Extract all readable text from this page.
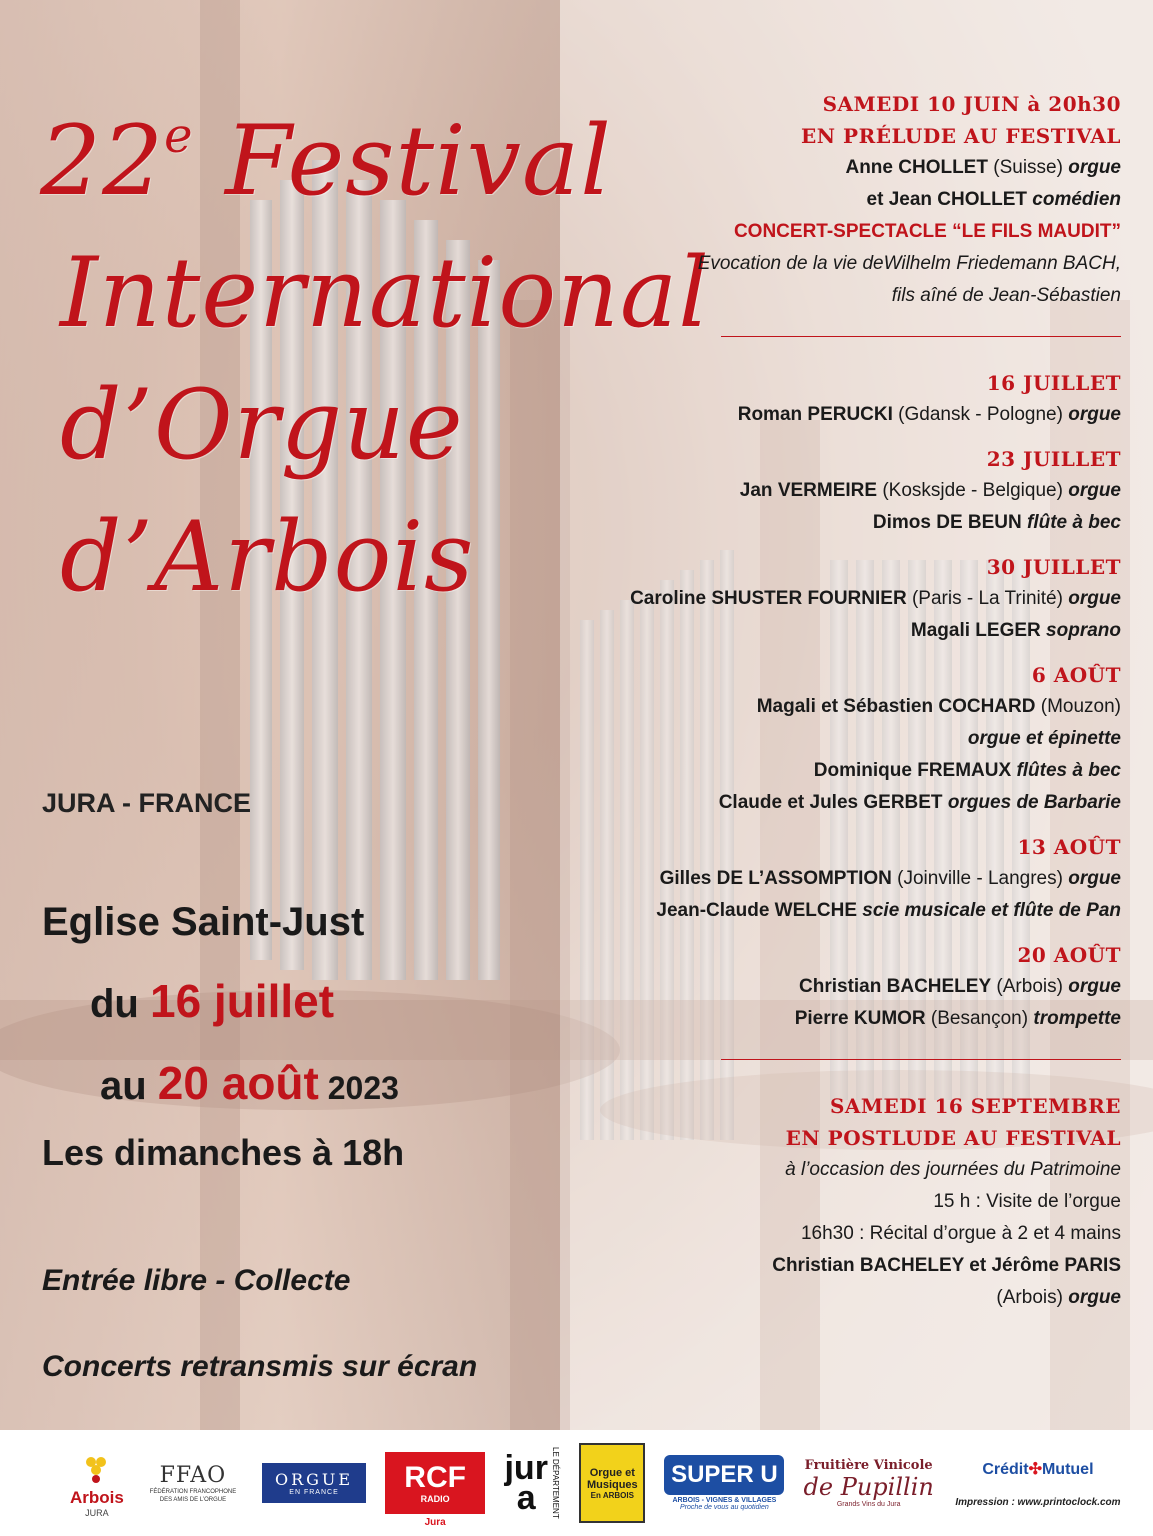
22e Festival
International
d’Orgue
d’Arbois
JURA - FRANCE
Eglise Saint-Just
du 16 juillet
au 20 août 2023
Les dimanches à 18h
Entrée libre - Collecte
Concerts retransmis sur écran
SAMEDI 10 JUIN à 20h30
EN PRÉLUDE AU FESTIVAL
Anne CHOLLET (Suisse) orgue
et Jean CHOLLET comédien
CONCERT-SPECTACLE “LE FILS MAUDIT”
Evocation de la vie deWilhelm Friedemann BACH,
fils aîné de Jean-Sébastien
16 JUILLET
Roman PERUCKI (Gdansk - Pologne) orgue
23 JUILLET
Jan VERMEIRE (Kosksjde - Belgique) orgue
Dimos DE BEUN flûte à bec
30 JUILLET
Caroline SHUSTER FOURNIER (Paris - La Trinité) orgue
Magali LEGER soprano
6 AOÛT
Magali et Sébastien COCHARD (Mouzon)
orgue et épinette
Dominique FREMAUX flûtes à bec
Claude et Jules GERBET orgues de Barbarie
13 AOÛT
Gilles DE L’ASSOMPTION (Joinville - Langres) orgue
Jean-Claude WELCHE scie musicale et flûte de Pan
20 AOÛT
Christian BACHELEY (Arbois) orgue
Pierre KUMOR (Besançon) trompette
SAMEDI 16 SEPTEMBRE
EN POSTLUDE AU FESTIVAL
à l’occasion des journées du Patrimoine
15 h : Visite de l’orgue
16h30 : Récital d’orgue à 2 et 4 mains
Christian BACHELEY et Jérôme PARIS
(Arbois) orgue
Arbois
JURA
FFAO
FÉDÉRATION FRANCOPHONE DES AMIS DE L’ORGUE
ORGUE
EN FRANCE RCF
RADIO
Jura
jura	LE DÉPARTEMENT	Orgue et Musiques
En ARBOIS
SUPER U
ARBOIS - VIGNES & VILLAGES
Proche de vous au quotidien
Fruitière Vinicole
de Pupillin
Grands Vins du Jura
Crédit✣Mutuel
Impression : www.printoclock.com
